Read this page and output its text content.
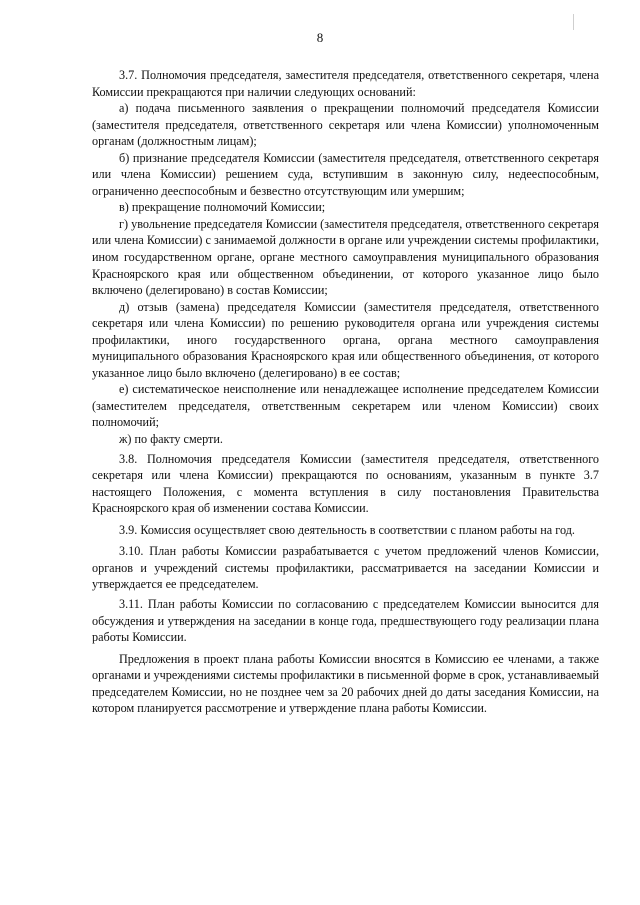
8

3.7. Полномочия председателя, заместителя председателя, ответственного секретаря, члена Комиссии прекращаются при наличии следующих оснований:

а) подача письменного заявления о прекращении полномочий председателя Комиссии (заместителя председателя, ответственного секретаря или члена Комиссии) уполномоченным органам (должностным лицам);

б) признание председателя Комиссии (заместителя председателя, ответственного секретаря или члена Комиссии) решением суда, вступившим в законную силу, недееспособным, ограниченно дееспособным и безвестно отсутствующим или умершим;

в) прекращение полномочий Комиссии;

г) увольнение председателя Комиссии (заместителя председателя, ответственного секретаря или члена Комиссии) с занимаемой должности в органе или учреждении системы профилактики, ином государственном органе, органе местного самоуправления муниципального образования Красноярского края или общественном объединении, от которого указанное лицо было включено (делегировано) в состав Комиссии;

д) отзыв (замена) председателя Комиссии (заместителя председателя, ответственного секретаря или члена Комиссии) по решению руководителя органа или учреждения системы профилактики, иного государственного органа, органа местного самоуправления муниципального образования Красноярского края или общественного объединения, от которого указанное лицо было включено (делегировано) в ее состав;

е) систематическое неисполнение или ненадлежащее исполнение председателем Комиссии (заместителем председателя, ответственным секретарем или членом Комиссии) своих полномочий;

ж) по факту смерти.

3.8. Полномочия председателя Комиссии (заместителя председателя, ответственного секретаря или члена Комиссии) прекращаются по основаниям, указанным в пункте 3.7 настоящего Положения, с момента вступления в силу постановления Правительства Красноярского края об изменении состава Комиссии.

3.9. Комиссия осуществляет свою деятельность в соответствии с планом работы на год.

3.10. План работы Комиссии разрабатывается с учетом предложений членов Комиссии, органов и учреждений системы профилактики, рассматривается на заседании Комиссии и утверждается ее председателем.

3.11. План работы Комиссии по согласованию с председателем Комиссии выносится для обсуждения и утверждения на заседании в конце года, предшествующего году реализации плана работы Комиссии.

Предложения в проект плана работы Комиссии вносятся в Комиссию ее членами, а также органами и учреждениями системы профилактики в письменной форме в срок, устанавливаемый председателем Комиссии, но не позднее чем за 20 рабочих дней до даты заседания Комиссии, на котором планируется рассмотрение и утверждение плана работы Комиссии.
